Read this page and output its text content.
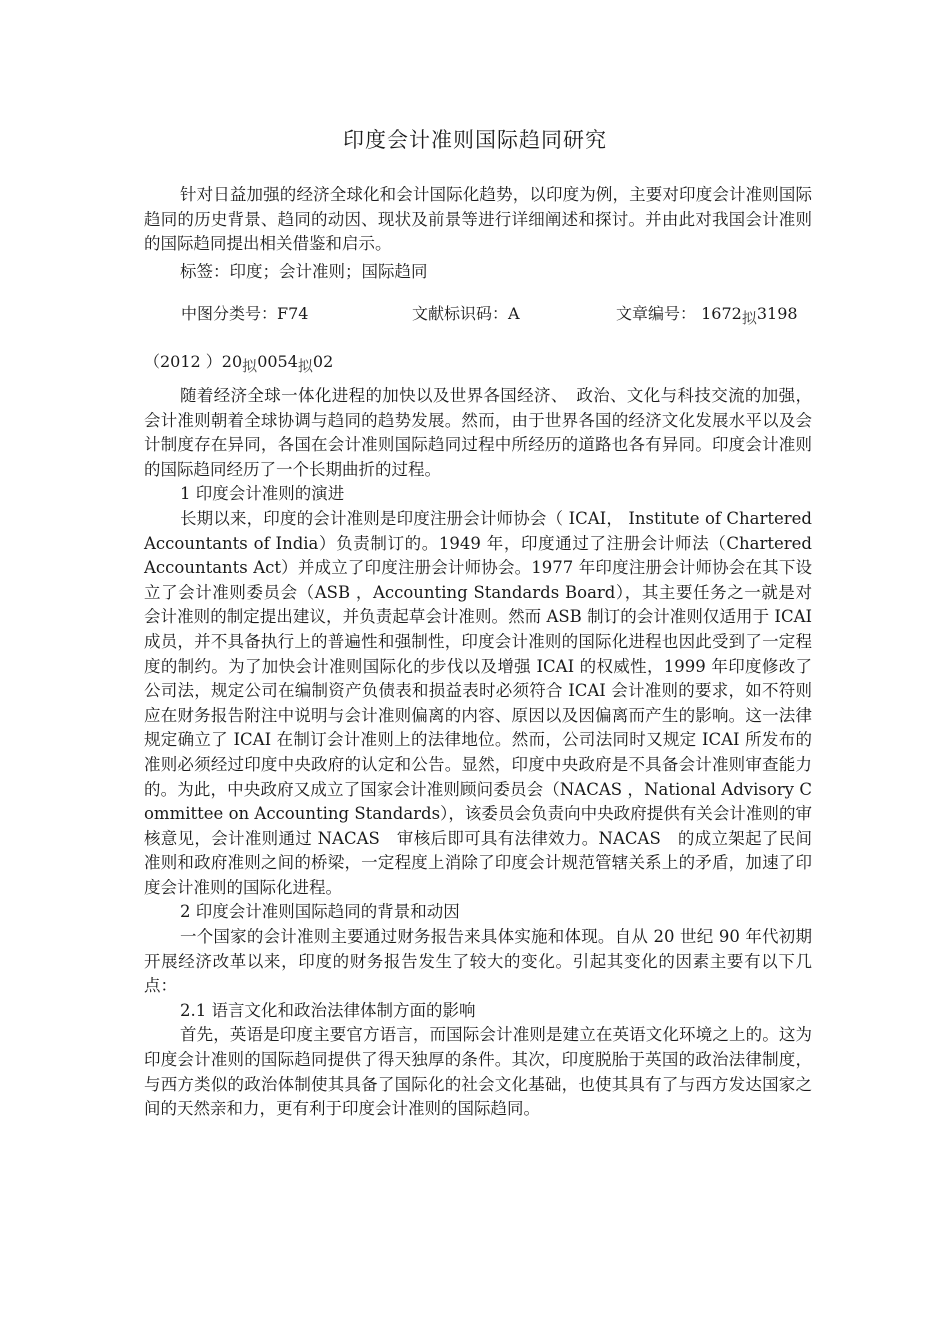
印度会计准则国际趋同研究
针对日益加强的经济全球化和会计国际化趋势，以印度为例，主要对印度会计准则国际趋同的历史背景、趋同的动因、现状及前景等进行详细阐述和探讨。并由此对我国会计准则的国际趋同提出相关借鉴和启示。
标签：印度；会计准则；国际趋同
中图分类号：F74	文献标识码：A	文章编号： 1672拟3198
（2012 ）20拟0054拟02

随着经济全球一体化进程的加快以及世界各国经济、　政治、文化与科技交流的加强，会计准则朝着全球协调与趋同的趋势发展。然而，由于世界各国的经济文化发展水平以及会计制度存在异同，各国在会计准则国际趋同过程中所经历的道路也各有异同。印度会计准则的国际趋同经历了一个长期曲折的过程。

1 印度会计准则的演进

长期以来，印度的会计准则是印度注册会计师协会（ ICAI， Institute of Chartered Accountants of India）负责制订的。1949 年，印度通过了注册会计师法（Chartered Accountants Act）并成立了印度注册会计师协会。1977 年印度注册会计师协会在其下设立了会计准则委员会（ASB ，Accounting Standards Board），其主要任务之一就是对会计准则的制定提出建议，并负责起草会计准则。然而 ASB 制订的会计准则仅适用于 ICAI 成员，并不具备执行上的普遍性和强制性，印度会计准则的国际化进程也因此受到了一定程度的制约。为了加快会计准则国际化的步伐以及增强 ICAI 的权威性，1999 年印度修改了公司法，规定公司在编制资产负债表和损益表时必须符合 ICAI 会计准则的要求，如不符则应在财务报告附注中说明与会计准则偏离的内容、原因以及因偏离而产生的影响。这一法律规定确立了 ICAI 在制订会计准则上的法律地位。然而，公司法同时又规定 ICAI 所发布的准则必须经过印度中央政府的认定和公告。显然，印度中央政府是不具备会计准则审查能力的。为此，中央政府又成立了国家会计准则顾问委员会（NACAS ，National Advisory Committee on Accounting Standards），该委员会负责向中央政府提供有关会计准则的审核意见，会计准则通过 NACAS　审核后即可具有法律效力。NACAS　的成立架起了民间准则和政府准则之间的桥梁，一定程度上消除了印度会计规范管辖关系上的矛盾，加速了印度会计准则的国际化进程。

2 印度会计准则国际趋同的背景和动因

一个国家的会计准则主要通过财务报告来具体实施和体现。自从 20 世纪 90 年代初期开展经济改革以来，印度的财务报告发生了较大的变化。引起其变化的因素主要有以下几点：

2.1 语言文化和政治法律体制方面的影响

首先，英语是印度主要官方语言，而国际会计准则是建立在英语文化环境之上的。这为印度会计准则的国际趋同提供了得天独厚的条件。其次，印度脱胎于英国的政治法律制度，与西方类似的政治体制使其具备了国际化的社会文化基础，也使其具有了与西方发达国家之间的天然亲和力，更有利于印度会计准则的国际趋同。
